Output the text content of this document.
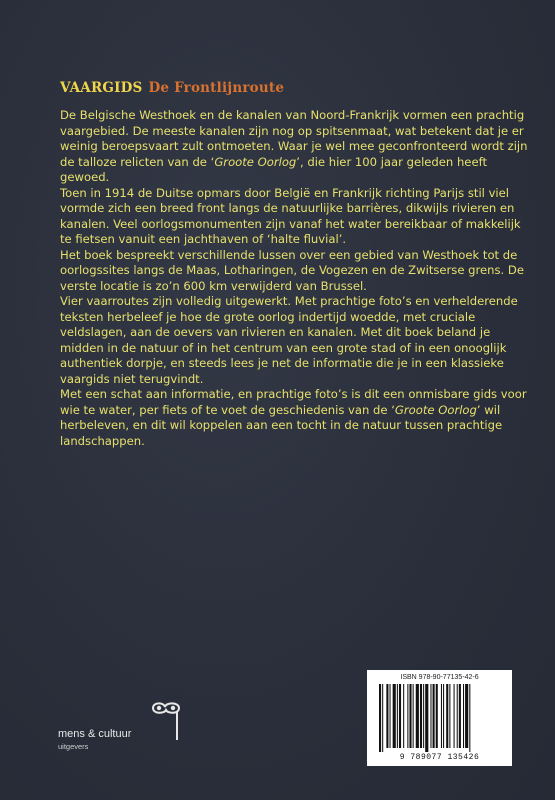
VAARGIDS De Frontlijnroute

De Belgische Westhoek en de kanalen van Noord-Frankrijk vormen een prachtig vaargebied. De meeste kanalen zijn nog op spitsenmaat, wat betekent dat je er weinig beroepsvaart zult ontmoeten. Waar je wel mee geconfronteerd wordt zijn de talloze relicten van de ‘Groote Oorlog’, die hier 100 jaar geleden heeft gewoed.

Toen in 1914 de Duitse opmars door België en Frankrijk richting Parijs stil viel vormde zich een breed front langs de natuurlijke barrières, dikwijls rivieren en kanalen. Veel oorlogsmonumenten zijn vanaf het water bereikbaar of makkelijk te fietsen vanuit een jachthaven of ‘halte fluvial’.

Het boek bespreekt verschillende lussen over een gebied van Westhoek tot de oorlogssites langs de Maas, Lotharingen, de Vogezen en de Zwitserse grens. De verste locatie is zo’n 600 km verwijderd van Brussel.

Vier vaarroutes zijn volledig uitgewerkt. Met prachtige foto’s en verhelderende teksten herbeleef je hoe de grote oorlog indertijd woedde, met cruciale veldslagen, aan de oevers van rivieren en kanalen. Met dit boek beland je midden in de natuur of in het centrum van een grote stad of in een onooglijk authentiek dorpje, en steeds lees je net de informatie die je in een klassieke vaargids niet terugvindt.

Met een schat aan informatie, en prachtige foto’s is dit een onmisbare gids voor wie te water, per fiets of te voet de geschiedenis van de ‘Groote Oorlog’ wil herbeleven, en dit wil koppelen aan een tocht in de natuur tussen prachtige landschappen.

mens & cultuur
uitgevers
ISBN 978-90-77135-42-6
9 789077 135426
